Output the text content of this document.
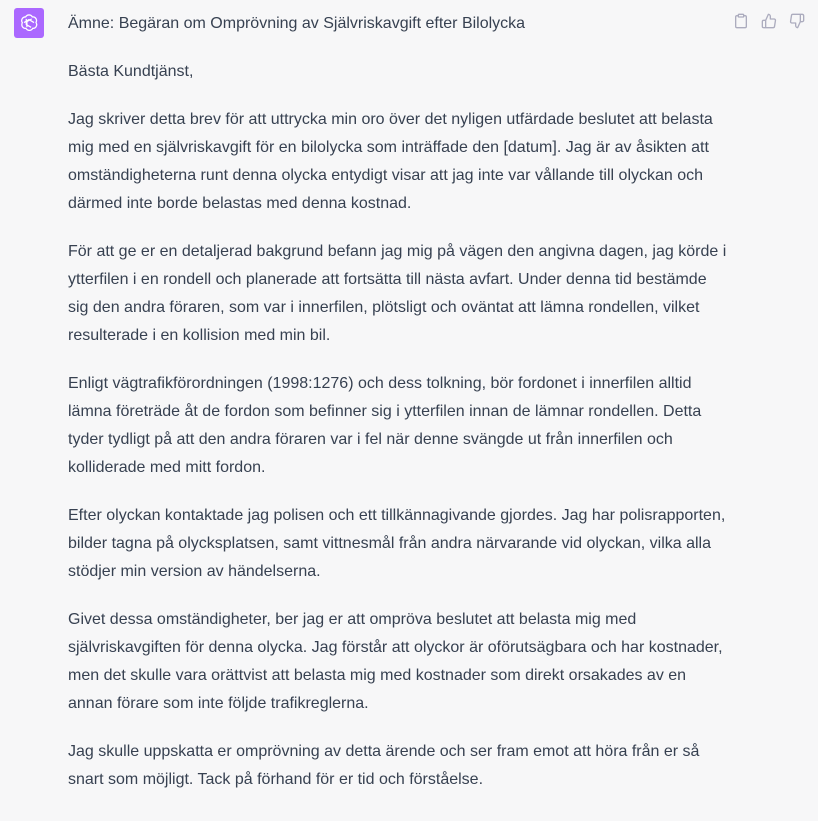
Ämne: Begäran om Omprövning av Självriskavgift efter Bilolycka

Bästa Kundtjänst,

Jag skriver detta brev för att uttrycka min oro över det nyligen utfärdade beslutet att belasta mig med en självriskavgift för en bilolycka som inträffade den [datum]. Jag är av åsikten att omständigheterna runt denna olycka entydigt visar att jag inte var vållande till olyckan och därmed inte borde belastas med denna kostnad.

För att ge er en detaljerad bakgrund befann jag mig på vägen den angivna dagen, jag körde i ytterfilen i en rondell och planerade att fortsätta till nästa avfart. Under denna tid bestämde sig den andra föraren, som var i innerfilen, plötsligt och oväntat att lämna rondellen, vilket resulterade i en kollision med min bil.

Enligt vägtrafikförordningen (1998:1276) och dess tolkning, bör fordonet i innerfilen alltid lämna företräde åt de fordon som befinner sig i ytterfilen innan de lämnar rondellen. Detta tyder tydligt på att den andra föraren var i fel när denne svängde ut från innerfilen och kolliderade med mitt fordon.

Efter olyckan kontaktade jag polisen och ett tillkännagivande gjordes. Jag har polisrapporten, bilder tagna på olycksplatsen, samt vittnesmål från andra närvarande vid olyckan, vilka alla stödjer min version av händelserna.

Givet dessa omständigheter, ber jag er att ompröva beslutet att belasta mig med självriskavgiften för denna olycka. Jag förstår att olyckor är oförutsägbara och har kostnader, men det skulle vara orättvist att belasta mig med kostnader som direkt orsakades av en annan förare som inte följde trafikreglerna.

Jag skulle uppskatta er omprövning av detta ärende och ser fram emot att höra från er så snart som möjligt. Tack på förhand för er tid och förståelse.
